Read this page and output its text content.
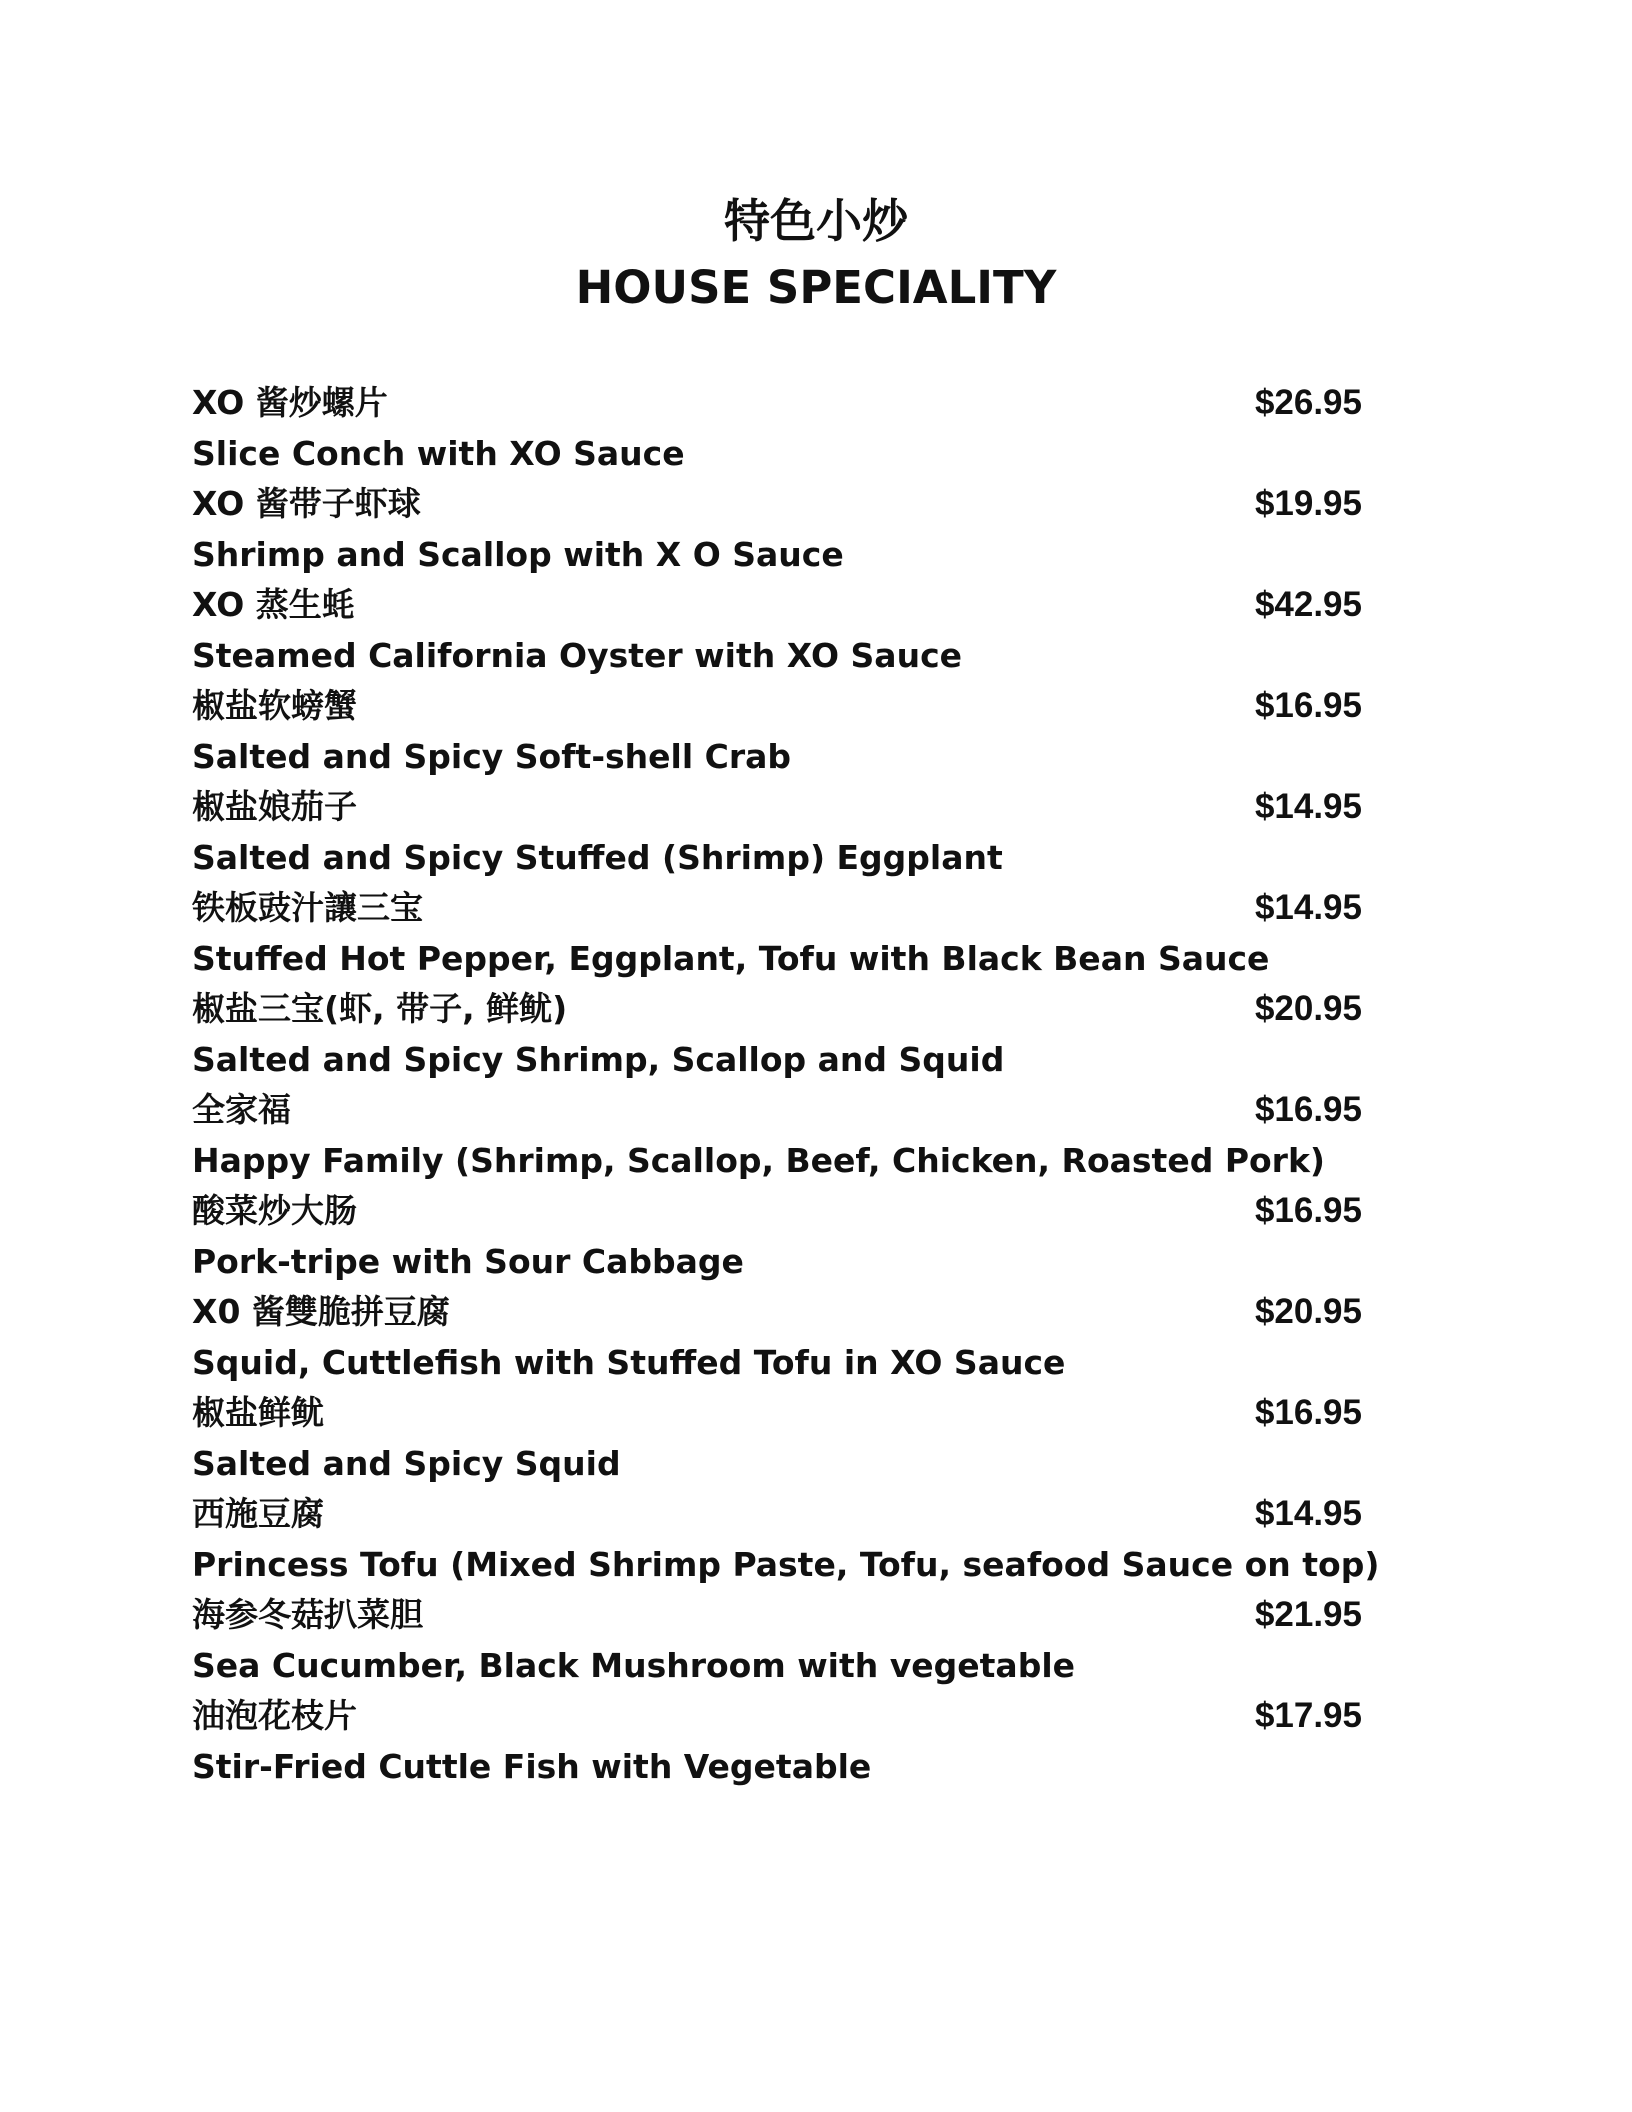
特色小炒
HOUSE SPECIALITY
XO 酱炒螺片	$26.95
Slice Conch with XO Sauce
XO 酱带子虾球	$19.95
Shrimp and Scallop with X O Sauce
XO 蒸生蚝	$42.95
Steamed California Oyster with XO Sauce
椒盐软螃蟹	$16.95
Salted and Spicy Soft-shell Crab
椒盐娘茄子	$14.95
Salted and Spicy Stuffed (Shrimp) Eggplant
铁板豉汁讓三宝	$14.95
Stuffed Hot Pepper, Eggplant, Tofu with Black Bean Sauce
椒盐三宝(虾, 带子, 鲜鱿)	$20.95
Salted and Spicy Shrimp, Scallop and Squid
全家福	$16.95
Happy Family (Shrimp, Scallop, Beef, Chicken, Roasted Pork)
酸菜炒大肠	$16.95
Pork-tripe with Sour Cabbage
X0 酱雙脆拼豆腐	$20.95
Squid, Cuttlefish with Stuffed Tofu in XO Sauce
椒盐鲜鱿	$16.95
Salted and Spicy Squid
西施豆腐	$14.95
Princess Tofu (Mixed Shrimp Paste, Tofu, seafood Sauce on top)
海参冬菇扒菜胆	$21.95
Sea Cucumber, Black Mushroom with vegetable
油泡花枝片	$17.95
Stir-Fried Cuttle Fish with Vegetable
